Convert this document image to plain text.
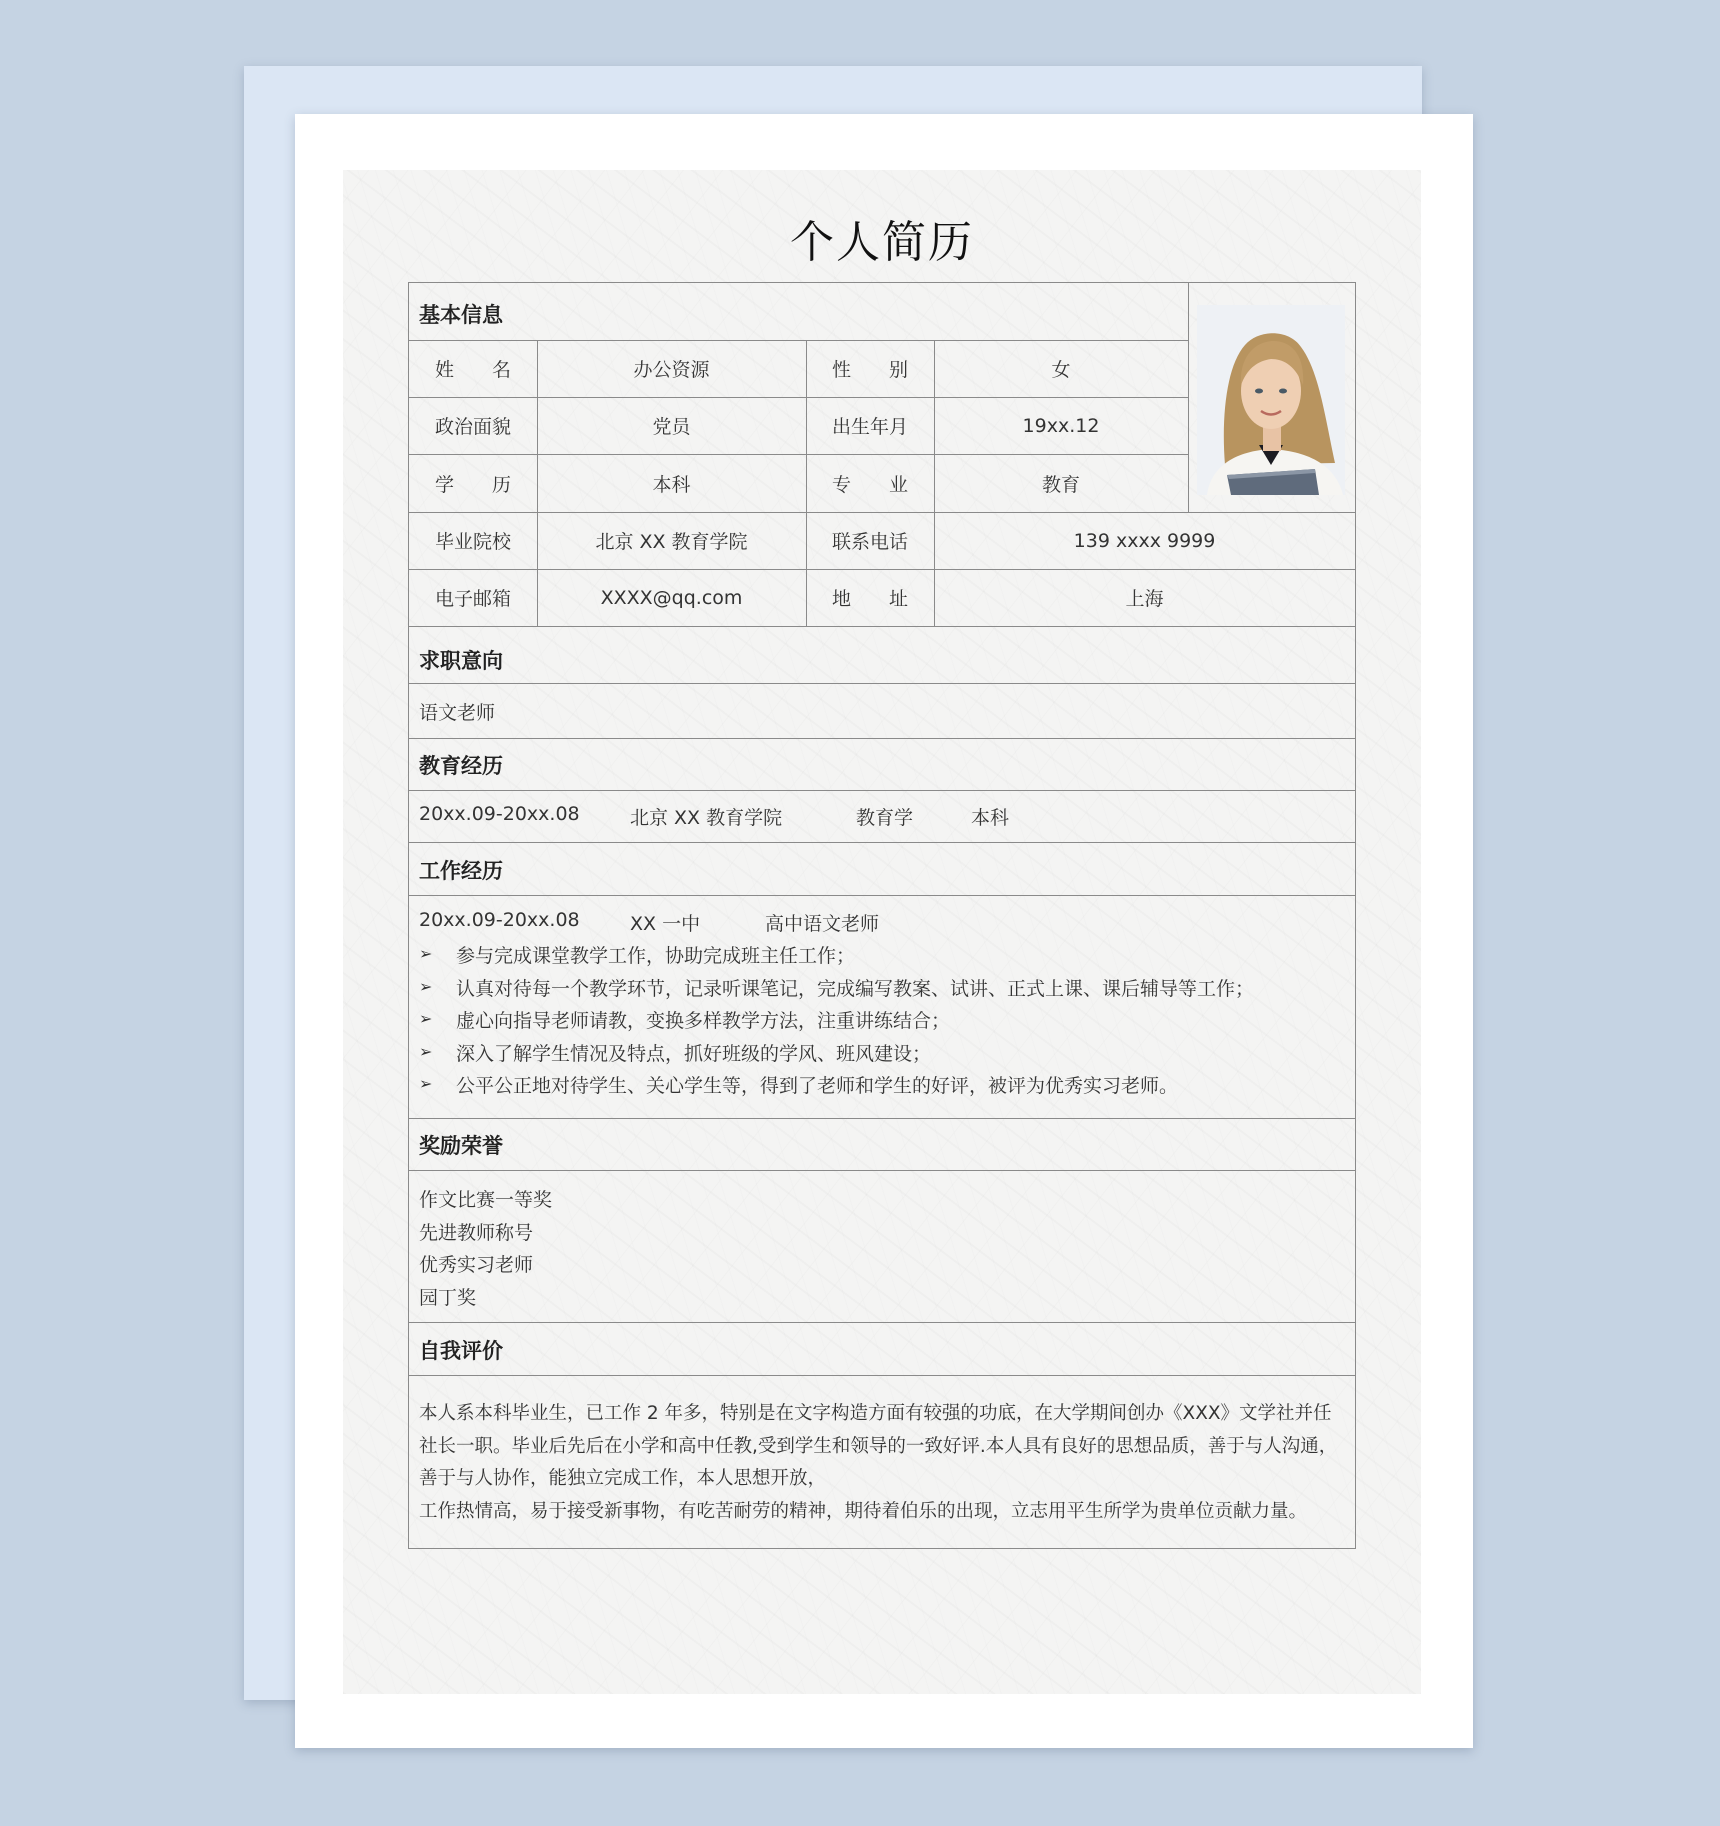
个人简历
基本信息
姓　　名	办公资源	性　　别	女
政治面貌	党员	出生年月	19xx.12
学　　历	本科	专　　业	教育
毕业院校	北京 XX 教育学院	联系电话	139 xxxx 9999
电子邮箱	XXXX@qq.com	地　　址	上海
求职意向
语文老师
教育经历
20xx.09-20xx.08	北京 XX 教育学院	教育学	本科
工作经历
20xx.09-20xx.08	XX 一中	高中语文老师
➢ 参与完成课堂教学工作，协助完成班主任工作；
➢ 认真对待每一个教学环节，记录听课笔记，完成编写教案、试讲、正式上课、课后辅导等工作；
➢ 虚心向指导老师请教，变换多样教学方法，注重讲练结合；
➢ 深入了解学生情况及特点，抓好班级的学风、班风建设；
➢ 公平公正地对待学生、关心学生等，得到了老师和学生的好评，被评为优秀实习老师。
奖励荣誉
作文比赛一等奖
先进教师称号
优秀实习老师
园丁奖
自我评价
本人系本科毕业生，已工作 2 年多，特别是在文字构造方面有较强的功底，在大学期间创办《XXX》文学社并任
社长一职。毕业后先后在小学和高中任教,受到学生和领导的一致好评.本人具有良好的思想品质，善于与人沟通，
善于与人协作，能独立完成工作，本人思想开放，
工作热情高，易于接受新事物，有吃苦耐劳的精神，期待着伯乐的出现，立志用平生所学为贵单位贡献力量。
